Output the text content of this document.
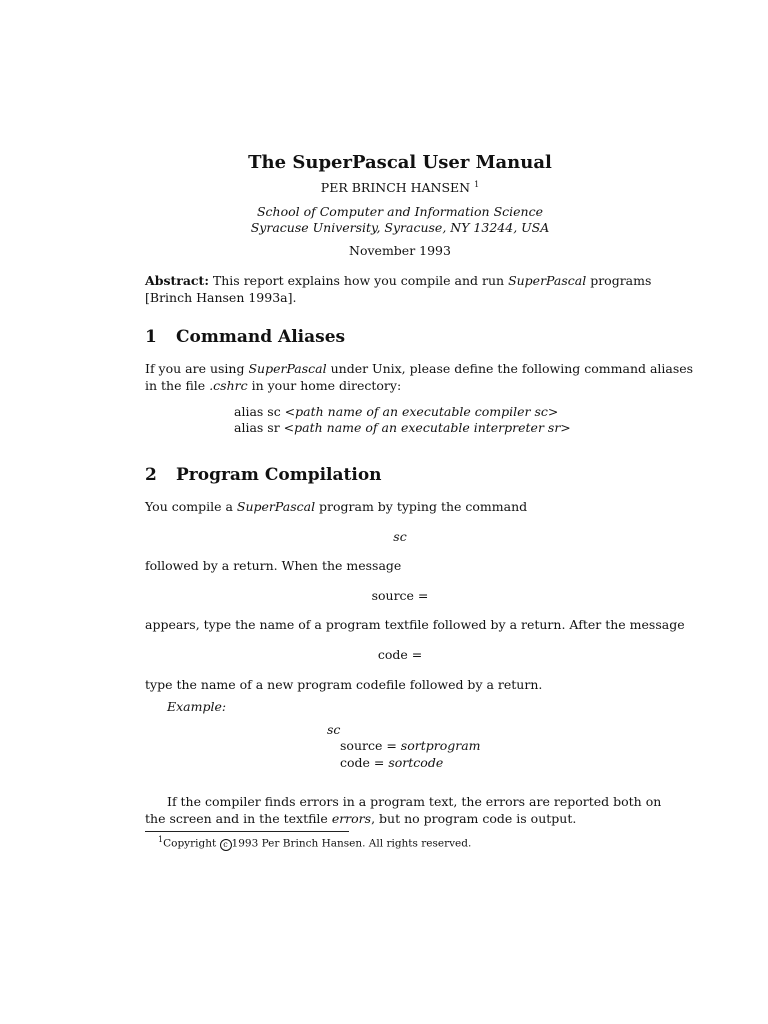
The SuperPascal User Manual
PER BRINCH HANSEN $^1$
School of Computer and Information Science
Syracuse University, Syracuse, NY 13244, USA
November 1993
Abstract: This report explains how you compile and run SuperPascal programs
[Brinch Hansen 1993a].
1 Command Aliases
If you are using SuperPascal under Unix, please define the following command aliases
in the file .cshrc in your home directory:
alias sc <path name of an executable compiler sc>
alias sr <path name of an executable interpreter sr>
2 Program Compilation
You compile a SuperPascal program by typing the command
sc
followed by a return. When the message
source =
appears, type the name of a program textfile followed by a return. After the message
code =
type the name of a new program codefile followed by a return.
Example:
sc
source = sortprogram
code = sortcode
If the compiler finds errors in a program text, the errors are reported both on
the screen and in the textfile errors, but no program code is output.
$^1$Copyright c 1993 Per Brinch Hansen. All rights reserved.
